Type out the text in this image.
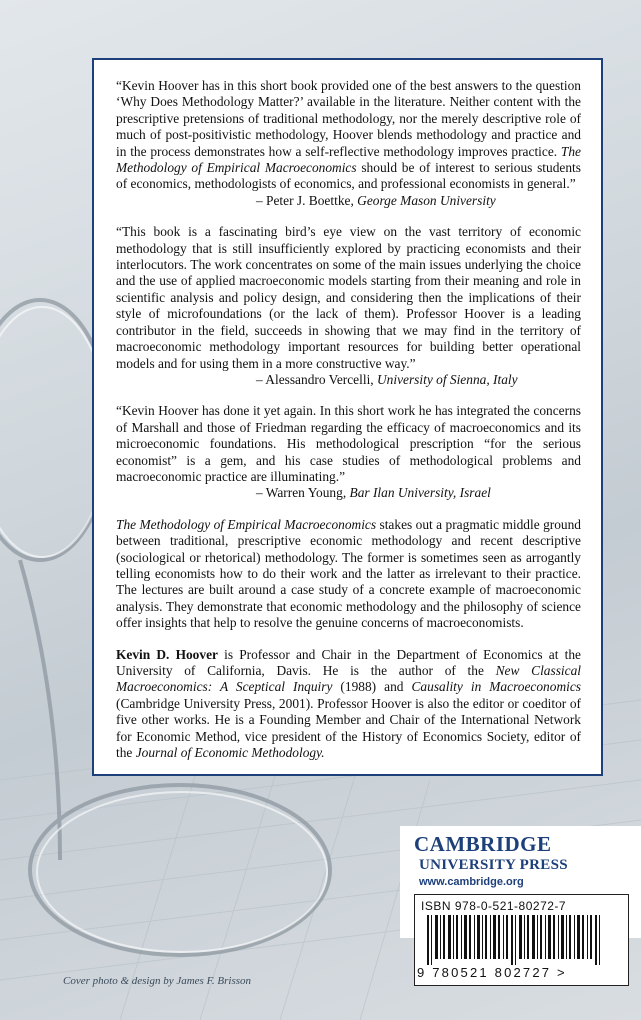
“Kevin Hoover has in this short book provided one of the best answers to the question ‘Why Does Methodology Matter?’ available in the literature. Neither content with the prescriptive pretensions of traditional methodology, nor the merely descriptive role of much of post-positivistic methodology, Hoover blends methodology and practice and in the process demonstrates how a self-reflective methodology improves practice. The Methodology of Empirical Macroeconomics should be of interest to serious students of economics, methodologists of economics, and professional economists in general.”
– Peter J. Boettke, George Mason University
“This book is a fascinating bird’s eye view on the vast territory of economic methodology that is still insufficiently explored by practicing economists and their interlocutors. The work concentrates on some of the main issues underlying the choice and the use of applied macroeconomic models starting from their meaning and role in scientific analysis and policy design, and considering then the implications of their style of microfoundations (or the lack of them). Professor Hoover is a leading contributor in the field, succeeds in showing that we may find in the territory of macroeconomic methodology important resources for building better operational models and for using them in a more constructive way.”
– Alessandro Vercelli, University of Sienna, Italy
“Kevin Hoover has done it yet again. In this short work he has integrated the concerns of Marshall and those of Friedman regarding the efficacy of macroeconomics and its microeconomic foundations. His methodological prescription “for the serious economist” is a gem, and his case studies of methodological problems and macroeconomic practice are illuminating.”
– Warren Young, Bar Ilan University, Israel
The Methodology of Empirical Macroeconomics stakes out a pragmatic middle ground between traditional, prescriptive economic methodology and recent descriptive (sociological or rhetorical) methodology. The former is sometimes seen as arrogantly telling economists how to do their work and the latter as irrelevant to their practice. The lectures are built around a case study of a concrete example of macroeconomic analysis. They demonstrate that economic methodology and the philosophy of science offer insights that help to resolve the genuine concerns of macroeconomists.
Kevin D. Hoover is Professor and Chair in the Department of Economics at the University of California, Davis. He is the author of the New Classical Macroeconomics: A Sceptical Inquiry (1988) and Causality in Macroeconomics (Cambridge University Press, 2001). Professor Hoover is also the editor or coeditor of five other works. He is a Founding Member and Chair of the International Network for Economic Method, vice president of the History of Economics Society, editor of the Journal of Economic Methodology.
CAMBRIDGE
UNIVERSITY PRESS
www.cambridge.org
ISBN 978-0-521-80272-7
9 780521 802727 >
Cover photo & design by James F. Brisson
